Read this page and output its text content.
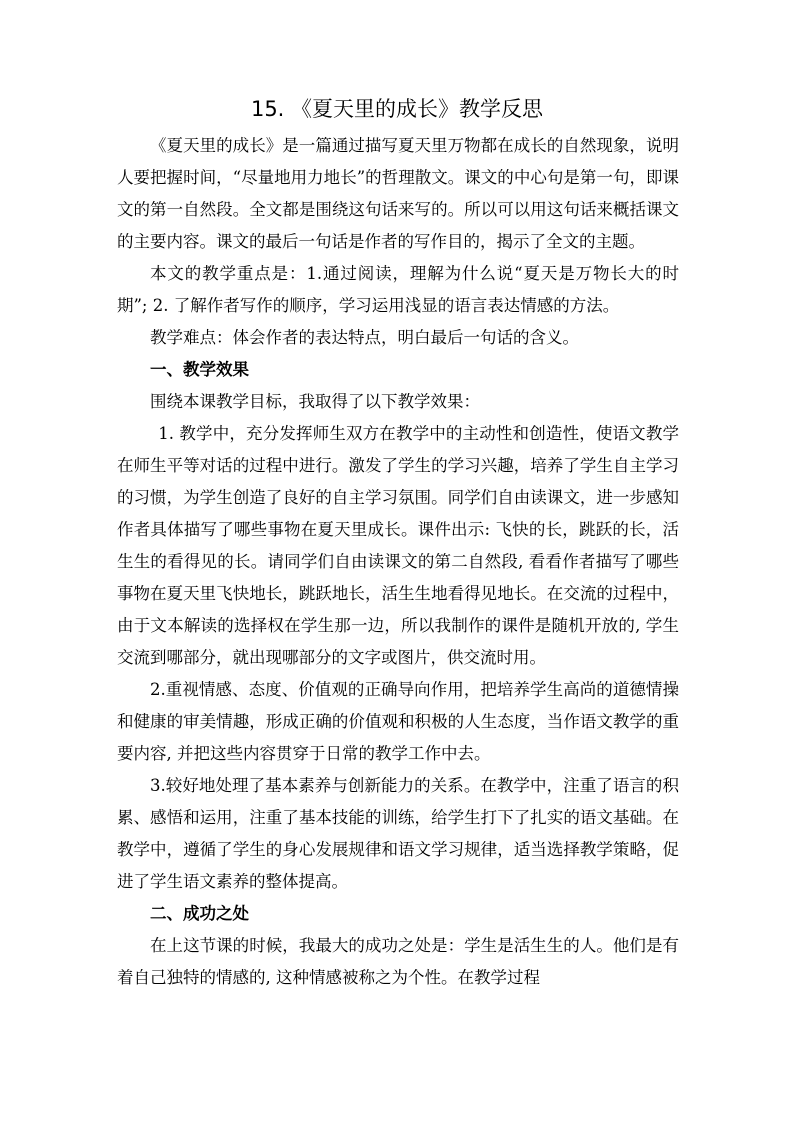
15. 《夏天里的成长》教学反思

《夏天里的成长》是一篇通过描写夏天里万物都在成长的自然现象，说明人要把握时间，“尽量地用力地长”的哲理散文。课文的中心句是第一句，即课文的第一自然段。全文都是围绕这句话来写的。所以可以用这句话来概括课文的主要内容。课文的最后一句话是作者的写作目的，揭示了全文的主题。

本文的教学重点是：1.通过阅读，理解为什么说“夏天是万物长大的时期”; 2. 了解作者写作的顺序，学习运用浅显的语言表达情感的方法。

教学难点：体会作者的表达特点，明白最后一句话的含义。

一、教学效果

围绕本课教学目标，我取得了以下教学效果：

1. 教学中，充分发挥师生双方在教学中的主动性和创造性，使语文教学在师生平等对话的过程中进行。激发了学生的学习兴趣，培养了学生自主学习的习惯，为学生创造了良好的自主学习氛围。同学们自由读课文，进一步感知作者具体描写了哪些事物在夏天里成长。课件出示: 飞快的长，跳跃的长，活生生的看得见的长。请同学们自由读课文的第二自然段, 看看作者描写了哪些事物在夏天里飞快地长，跳跃地长，活生生地看得见地长。在交流的过程中，由于文本解读的选择权在学生那一边，所以我制作的课件是随机开放的, 学生交流到哪部分，就出现哪部分的文字或图片，供交流时用。

2.重视情感、态度、价值观的正确导向作用，把培养学生高尚的道德情操和健康的审美情趣，形成正确的价值观和积极的人生态度，当作语文教学的重要内容, 并把这些内容贯穿于日常的教学工作中去。

3.较好地处理了基本素养与创新能力的关系。在教学中，注重了语言的积累、感悟和运用，注重了基本技能的训练，给学生打下了扎实的语文基础。在教学中，遵循了学生的身心发展规律和语文学习规律，适当选择教学策略，促进了学生语文素养的整体提高。

二、成功之处

在上这节课的时候，我最大的成功之处是：学生是活生生的人。他们是有着自己独特的情感的, 这种情感被称之为个性。在教学过程
